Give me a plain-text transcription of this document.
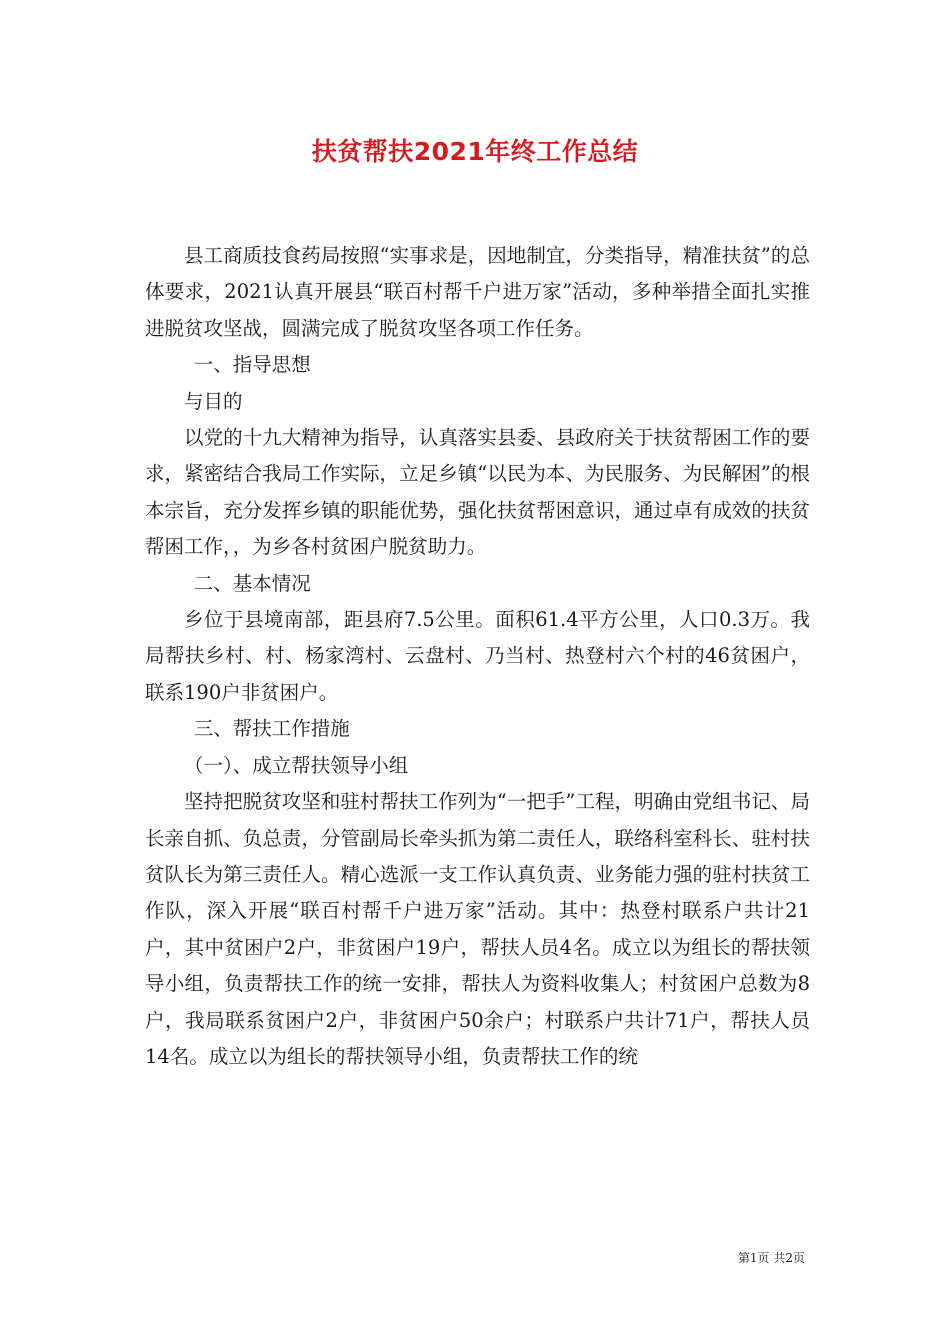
扶贫帮扶2021年终工作总结

县工商质技食药局按照“实事求是，因地制宜，分类指导，精准扶贫”的总体要求，2021认真开展县“联百村帮千户进万家”活动，多种举措全面扎实推进脱贫攻坚战，圆满完成了脱贫攻坚各项工作任务。

一、指导思想

与目的

以党的十九大精神为指导，认真落实县委、县政府关于扶贫帮困工作的要求，紧密结合我局工作实际，立足乡镇“以民为本、为民服务、为民解困”的根本宗旨，充分发挥乡镇的职能优势，强化扶贫帮困意识，通过卓有成效的扶贫帮困工作，，为乡各村贫困户脱贫助力。

二、基本情况

乡位于县境南部，距县府7.5公里。面积61.4平方公里，人口0.3万。我局帮扶乡村、村、杨家湾村、云盘村、乃当村、热登村六个村的46贫困户，联系190户非贫困户。

三、帮扶工作措施

（一）、成立帮扶领导小组

坚持把脱贫攻坚和驻村帮扶工作列为“一把手”工程，明确由党组书记、局长亲自抓、负总责，分管副局长牵头抓为第二责任人，联络科室科长、驻村扶贫队长为第三责任人。精心选派一支工作认真负责、业务能力强的驻村扶贫工作队，深入开展“联百村帮千户进万家”活动。其中：热登村联系户共计21户，其中贫困户2户，非贫困户19户，帮扶人员4名。成立以为组长的帮扶领导小组，负责帮扶工作的统一安排，帮扶人为资料收集人；村贫困户总数为8户，我局联系贫困户2户，非贫困户50余户；村联系户共计71户，帮扶人员14名。成立以为组长的帮扶领导小组，负责帮扶工作的统

第1页 共2页
